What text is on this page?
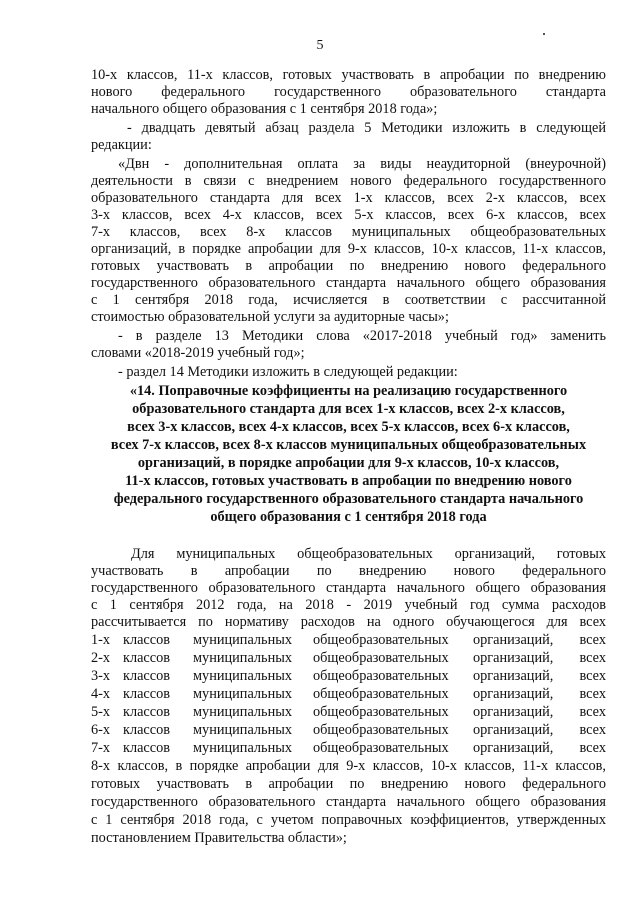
5
10-х классов, 11-х классов, готовых участвовать в апробации по внедрению
нового федерального государственного образовательного стандарта
начального общего образования с 1 сентября 2018 года»;
- двадцать девятый абзац раздела 5 Методики изложить в следующей
редакции:
«Двн - дополнительная оплата за виды неаудиторной (внеурочной)
деятельности в связи с внедрением нового федерального государственного
образовательного стандарта для всех 1-х классов, всех 2-х классов, всех
3-х классов, всех 4-х классов, всех 5-х классов, всех 6-х классов, всех
7-х классов, всех 8-х классов муниципальных общеобразовательных
организаций, в порядке апробации для 9-х классов, 10-х классов, 11-х классов,
готовых участвовать в апробации по внедрению нового федерального
государственного образовательного стандарта начального общего образования
с 1 сентября 2018 года, исчисляется в соответствии с рассчитанной
стоимостью образовательной услуги за аудиторные часы»;
- в разделе 13 Методики слова «2017-2018 учебный год» заменить
словами «2018-2019 учебный год»;
- раздел 14 Методики изложить в следующей редакции:
«14. Поправочные коэффициенты на реализацию государственного
образовательного стандарта для всех 1-х классов, всех 2-х классов,
всех 3-х классов, всех 4-х классов, всех 5-х классов, всех 6-х классов,
всех 7-х классов, всех 8-х классов муниципальных общеобразовательных
организаций, в порядке апробации для 9-х классов, 10-х классов,
11-х классов, готовых участвовать в апробации по внедрению нового
федерального государственного образовательного стандарта начального
общего образования с 1 сентября 2018 года
Для муниципальных общеобразовательных организаций, готовых
участвовать в апробации по внедрению нового федерального
государственного образовательного стандарта начального общего образования
с 1 сентября 2012 года, на 2018 - 2019 учебный год сумма расходов
рассчитывается по нормативу расходов на одного обучающегося для всех
1-х классов муниципальных общеобразовательных организаций, всех
2-х классов муниципальных общеобразовательных организаций, всех
3-х классов муниципальных общеобразовательных организаций, всех
4-х классов муниципальных общеобразовательных организаций, всех
5-х классов муниципальных общеобразовательных организаций, всех
6-х классов муниципальных общеобразовательных организаций, всех
7-х классов муниципальных общеобразовательных организаций, всех
8-х классов, в порядке апробации для 9-х классов, 10-х классов, 11-х классов,
готовых участвовать в апробации по внедрению нового федерального
государственного образовательного стандарта начального общего образования
с 1 сентября 2018 года, с учетом поправочных коэффициентов, утвержденных
постановлением Правительства области»;
